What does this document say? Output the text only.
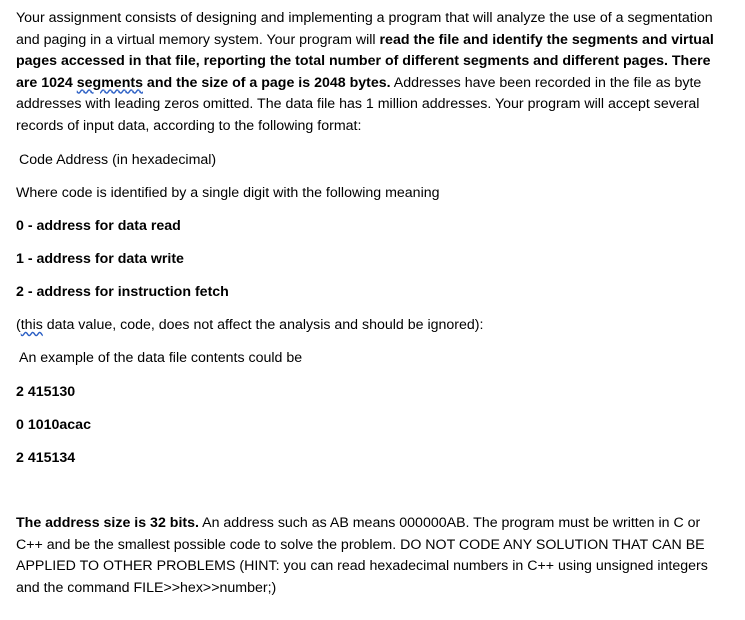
Your assignment consists of designing and implementing a program that will analyze the use of a segmentation and paging in a virtual memory system. Your program will read the file and identify the segments and virtual pages accessed in that file, reporting the total number of different segments and different pages. There are 1024 segments and the size of a page is 2048 bytes. Addresses have been recorded in the file as byte addresses with leading zeros omitted. The data file has 1 million addresses. Your program will accept several records of input data, according to the following format:

Code Address (in hexadecimal)

Where code is identified by a single digit with the following meaning

0 - address for data read

1 - address for data write

2 - address for instruction fetch

(this data value, code, does not affect the analysis and should be ignored):

An example of the data file contents could be

2 415130

0 1010acac

2 415134

The address size is 32 bits. An address such as AB means 000000AB. The program must be written in C or C++ and be the smallest possible code to solve the problem. DO NOT CODE ANY SOLUTION THAT CAN BE APPLIED TO OTHER PROBLEMS (HINT: you can read hexadecimal numbers in C++ using unsigned integers and the command FILE>>hex>>number;)
